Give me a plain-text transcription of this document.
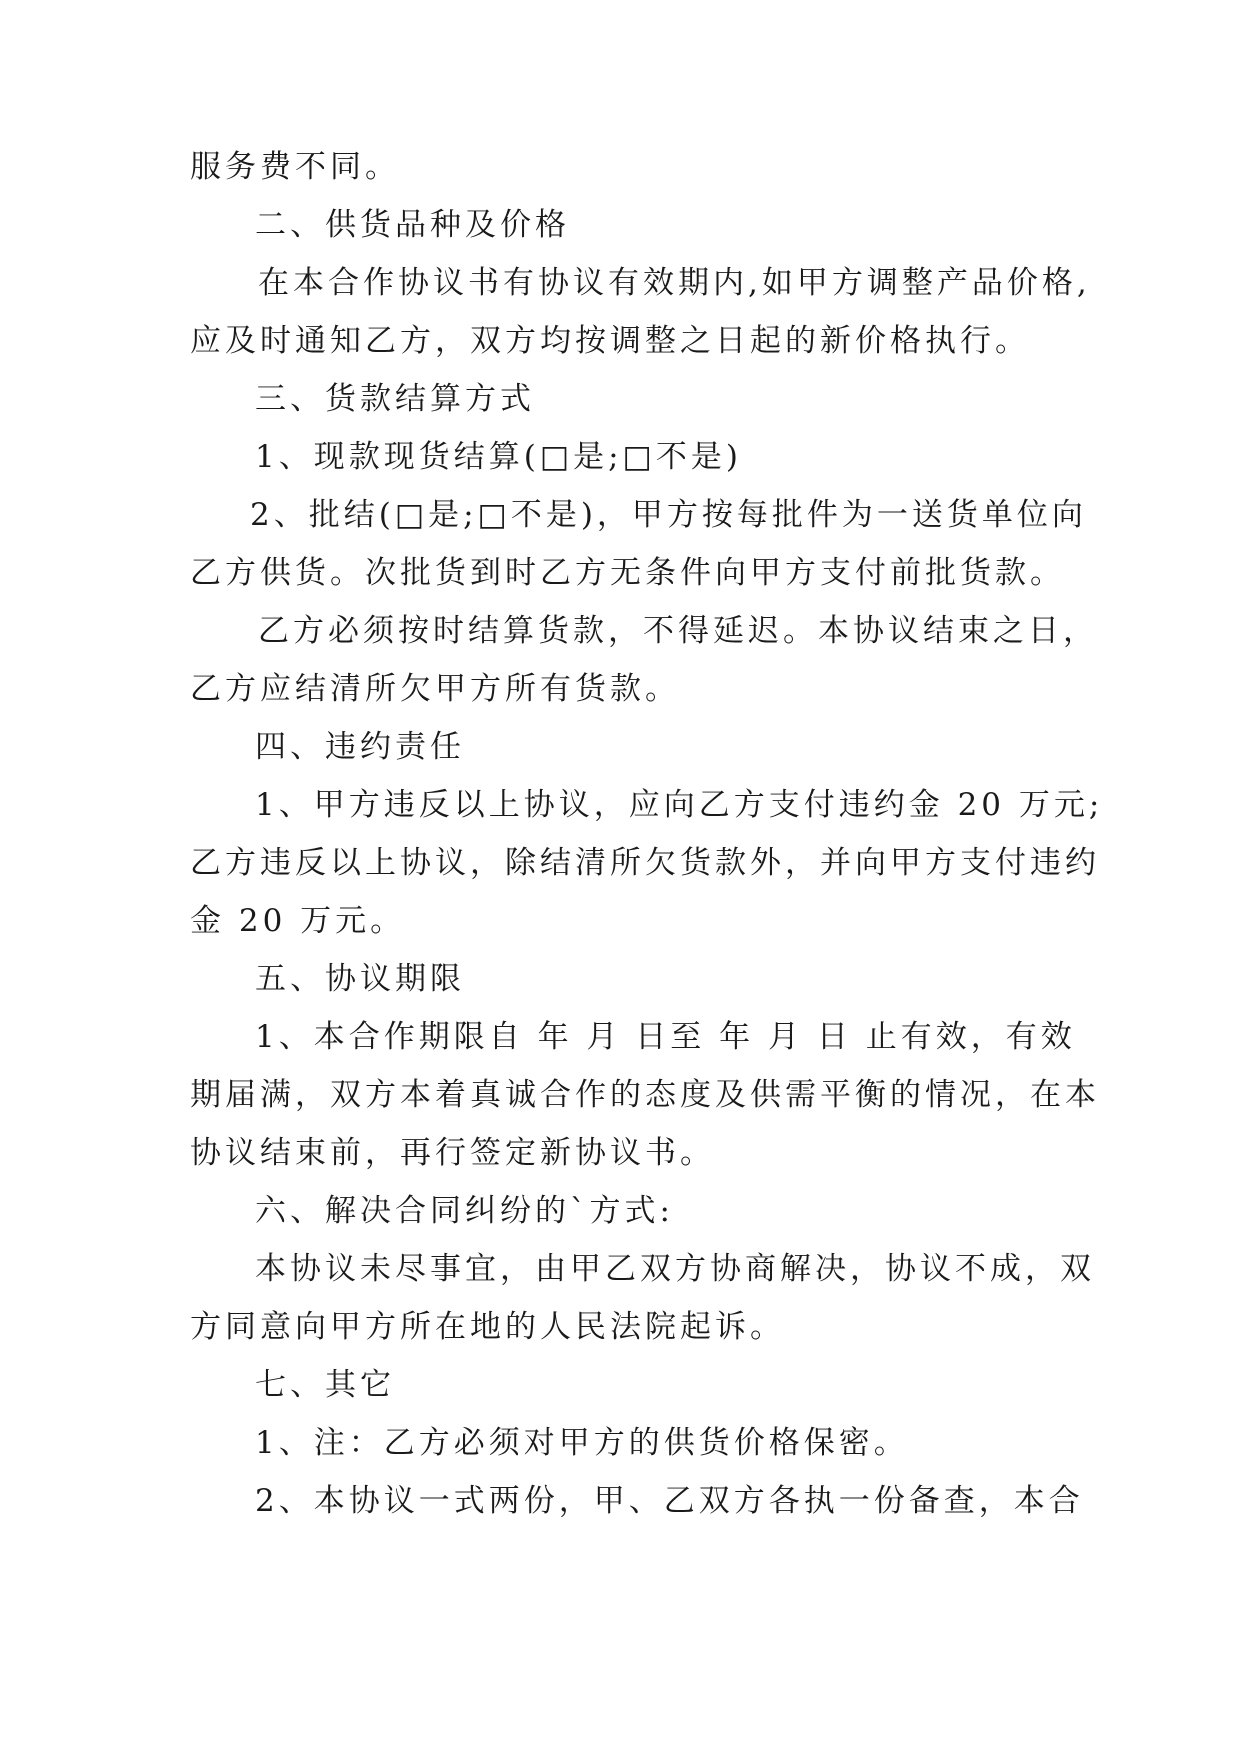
服务费不同。
二、供货品种及价格
在本合作协议书有协议有效期内,如甲方调整产品价格,
应及时通知乙方，双方均按调整之日起的新价格执行。
三、货款结算方式
1、现款现货结算(□是;□不是)
2、批结(□是;□不是)，甲方按每批件为一送货单位向
乙方供货。次批货到时乙方无条件向甲方支付前批货款。
乙方必须按时结算货款，不得延迟。本协议结束之日，
乙方应结清所欠甲方所有货款。
四、违约责任
1、甲方违反以上协议，应向乙方支付违约金 20 万元;
乙方违反以上协议，除结清所欠货款外，并向甲方支付违约
金 20 万元。
五、协议期限
1、本合作期限自 年 月 日至 年 月 日 止有效，有效
期届满，双方本着真诚合作的态度及供需平衡的情况，在本
协议结束前，再行签定新协议书。
六、解决合同纠纷的`方式:
本协议未尽事宜，由甲乙双方协商解决，协议不成，双
方同意向甲方所在地的人民法院起诉。
七、其它
1、注：乙方必须对甲方的供货价格保密。
2、本协议一式两份，甲、乙双方各执一份备查，本合
